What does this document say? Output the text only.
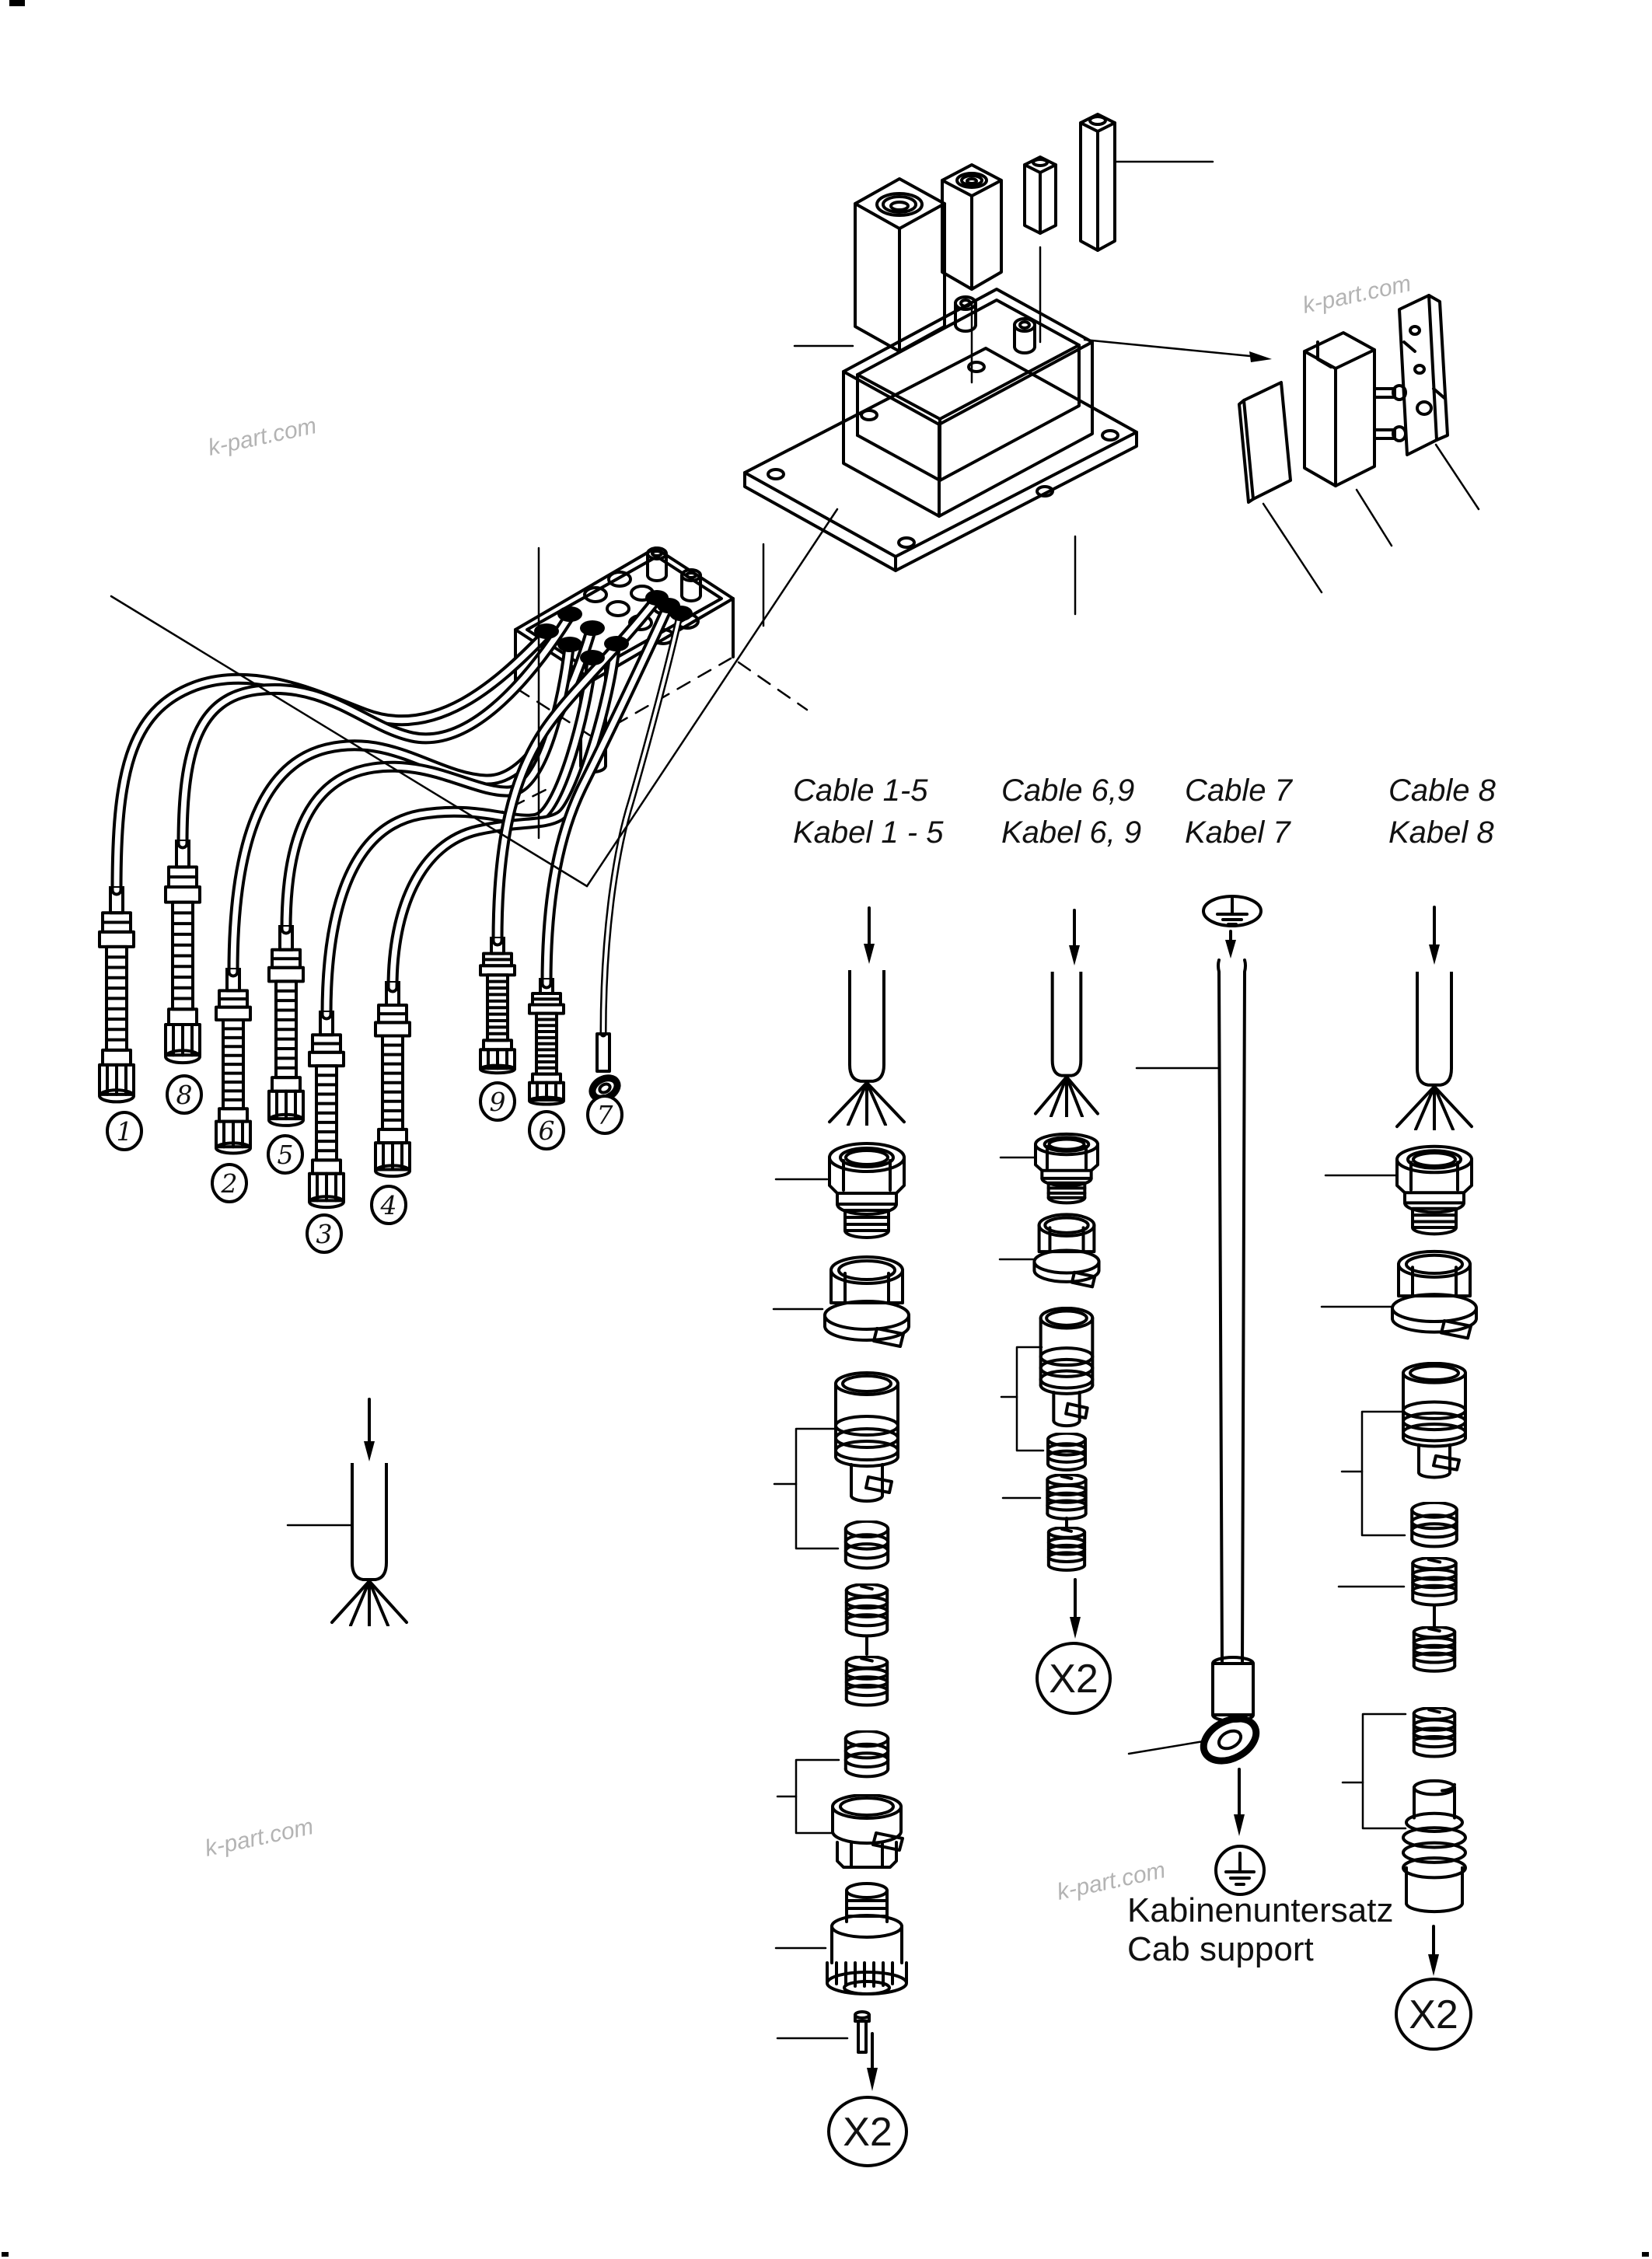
1
8
2
5
3
4
9
6
7
Cable 1-5
Kabel 1 - 5
X2
Cable 6,9
Kabel 6, 9
X2
Cable 7
Kabel 7
Kabinenuntersatz
Cab support
Cable 8
Kabel 8
X2
k-part.com
k-part.com
k-part.com
k-part.com
